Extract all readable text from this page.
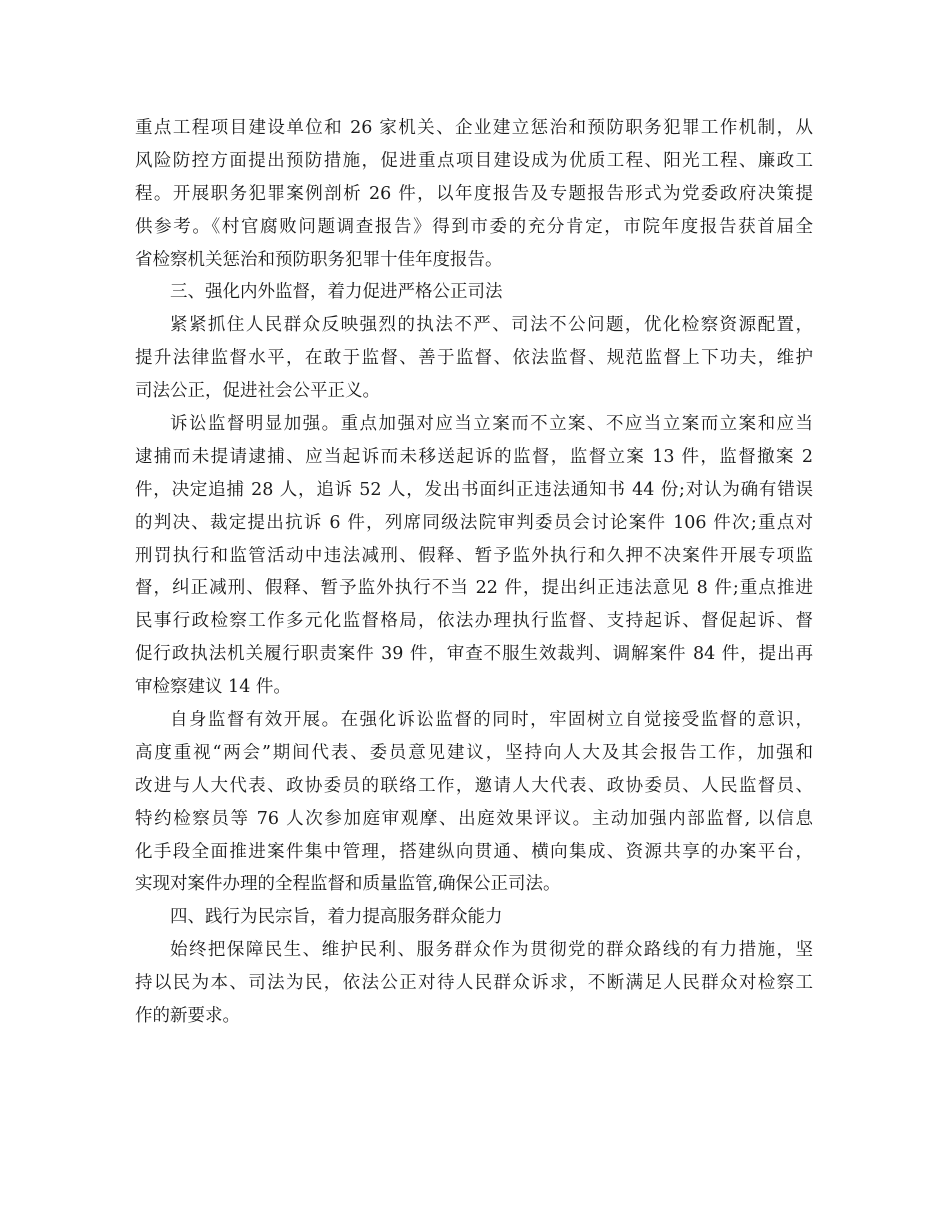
重点工程项目建设单位和 26 家机关、企业建立惩治和预防职务犯罪工作机制，从
风险防控方面提出预防措施，促进重点项目建设成为优质工程、阳光工程、廉政工
程。开展职务犯罪案例剖析 26 件，以年度报告及专题报告形式为党委政府决策提
供参考。《村官腐败问题调查报告》得到市委的充分肯定，市院年度报告获首届全
省检察机关惩治和预防职务犯罪十佳年度报告。
三、强化内外监督，着力促进严格公正司法
紧紧抓住人民群众反映强烈的执法不严、司法不公问题，优化检察资源配置，
提升法律监督水平，在敢于监督、善于监督、依法监督、规范监督上下功夫，维护
司法公正，促进社会公平正义。
诉讼监督明显加强。重点加强对应当立案而不立案、不应当立案而立案和应当
逮捕而未提请逮捕、应当起诉而未移送起诉的监督，监督立案 13 件，监督撤案 2
件，决定追捕 28 人，追诉 52 人，发出书面纠正违法通知书 44 份;对认为确有错误
的判决、裁定提出抗诉 6 件，列席同级法院审判委员会讨论案件 106 件次;重点对
刑罚执行和监管活动中违法减刑、假释、暂予监外执行和久押不决案件开展专项监
督，纠正减刑、假释、暂予监外执行不当 22 件，提出纠正违法意见 8 件;重点推进
民事行政检察工作多元化监督格局，依法办理执行监督、支持起诉、督促起诉、督
促行政执法机关履行职责案件 39 件，审查不服生效裁判、调解案件 84 件，提出再
审检察建议 14 件。
自身监督有效开展。在强化诉讼监督的同时，牢固树立自觉接受监督的意识，
高度重视“两会”期间代表、委员意见建议，坚持向人大及其会报告工作，加强和
改进与人大代表、政协委员的联络工作，邀请人大代表、政协委员、人民监督员、
特约检察员等 76 人次参加庭审观摩、出庭效果评议。主动加强内部监督, 以信息
化手段全面推进案件集中管理，搭建纵向贯通、横向集成、资源共享的办案平台，
实现对案件办理的全程监督和质量监管,确保公正司法。
四、践行为民宗旨，着力提高服务群众能力
始终把保障民生、维护民利、服务群众作为贯彻党的群众路线的有力措施，坚
持以民为本、司法为民，依法公正对待人民群众诉求，不断满足人民群众对检察工
作的新要求。
